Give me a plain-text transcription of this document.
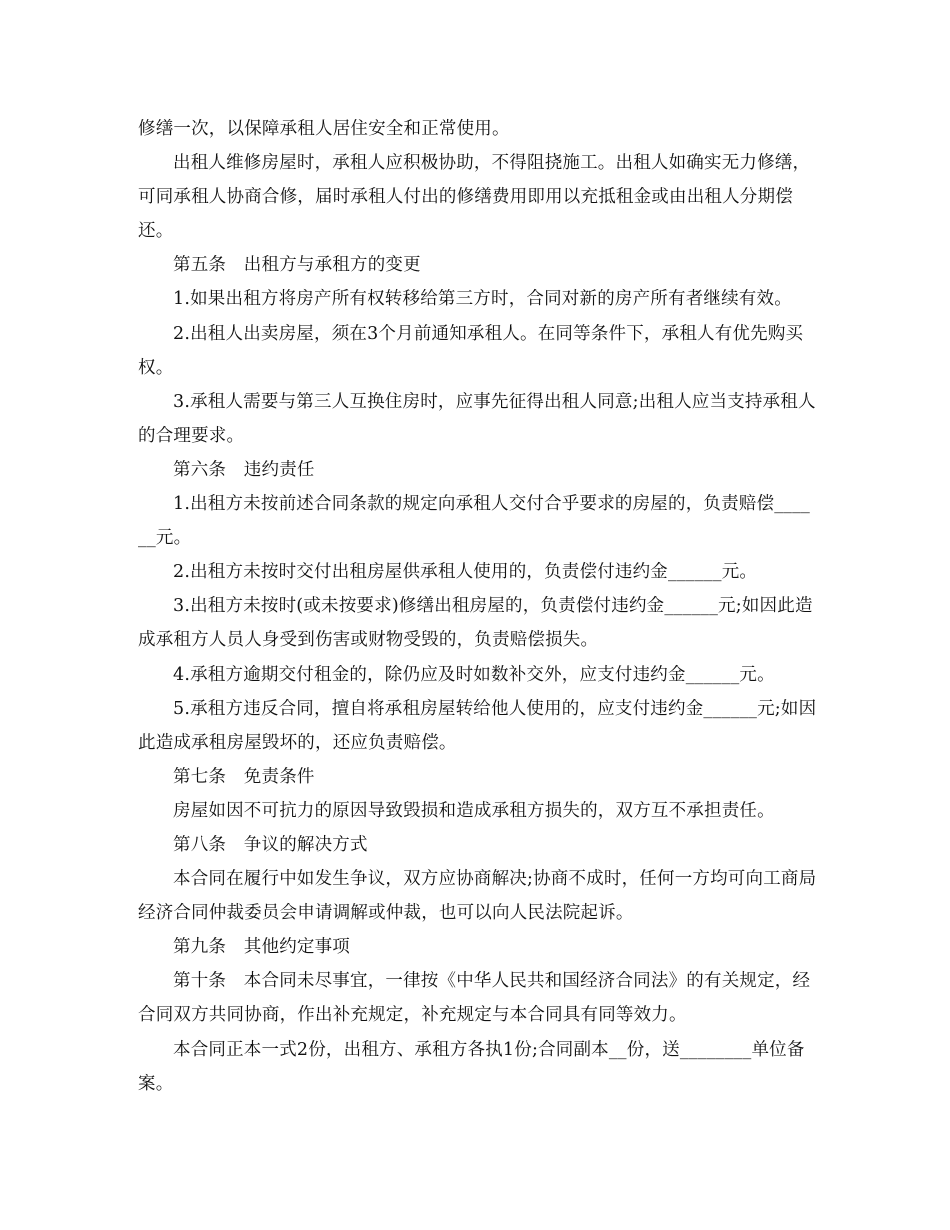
修缮一次，以保障承租人居住安全和正常使用。

出租人维修房屋时，承租人应积极协助，不得阻挠施工。出租人如确实无力修缮，可同承租人协商合修，届时承租人付出的修缮费用即用以充抵租金或由出租人分期偿还。

第五条　出租方与承租方的变更

1.如果出租方将房产所有权转移给第三方时，合同对新的房产所有者继续有效。

2.出租人出卖房屋，须在3个月前通知承租人。在同等条件下，承租人有优先购买权。

3.承租人需要与第三人互换住房时，应事先征得出租人同意;出租人应当支持承租人的合理要求。

第六条　违约责任

1.出租方未按前述合同条款的规定向承租人交付合乎要求的房屋的，负责赔偿______元。

2.出租方未按时交付出租房屋供承租人使用的，负责偿付违约金______元。

3.出租方未按时(或未按要求)修缮出租房屋的，负责偿付违约金______元;如因此造成承租方人员人身受到伤害或财物受毁的，负责赔偿损失。

4.承租方逾期交付租金的，除仍应及时如数补交外，应支付违约金______元。

5.承租方违反合同，擅自将承租房屋转给他人使用的，应支付违约金______元;如因此造成承租房屋毁坏的，还应负责赔偿。

第七条　免责条件

房屋如因不可抗力的原因导致毁损和造成承租方损失的，双方互不承担责任。

第八条　争议的解决方式

本合同在履行中如发生争议，双方应协商解决;协商不成时，任何一方均可向工商局经济合同仲裁委员会申请调解或仲裁，也可以向人民法院起诉。

第九条　其他约定事项

第十条　本合同未尽事宜，一律按《中华人民共和国经济合同法》的有关规定，经合同双方共同协商，作出补充规定，补充规定与本合同具有同等效力。

本合同正本一式2份，出租方、承租方各执1份;合同副本__份，送________单位备案。
